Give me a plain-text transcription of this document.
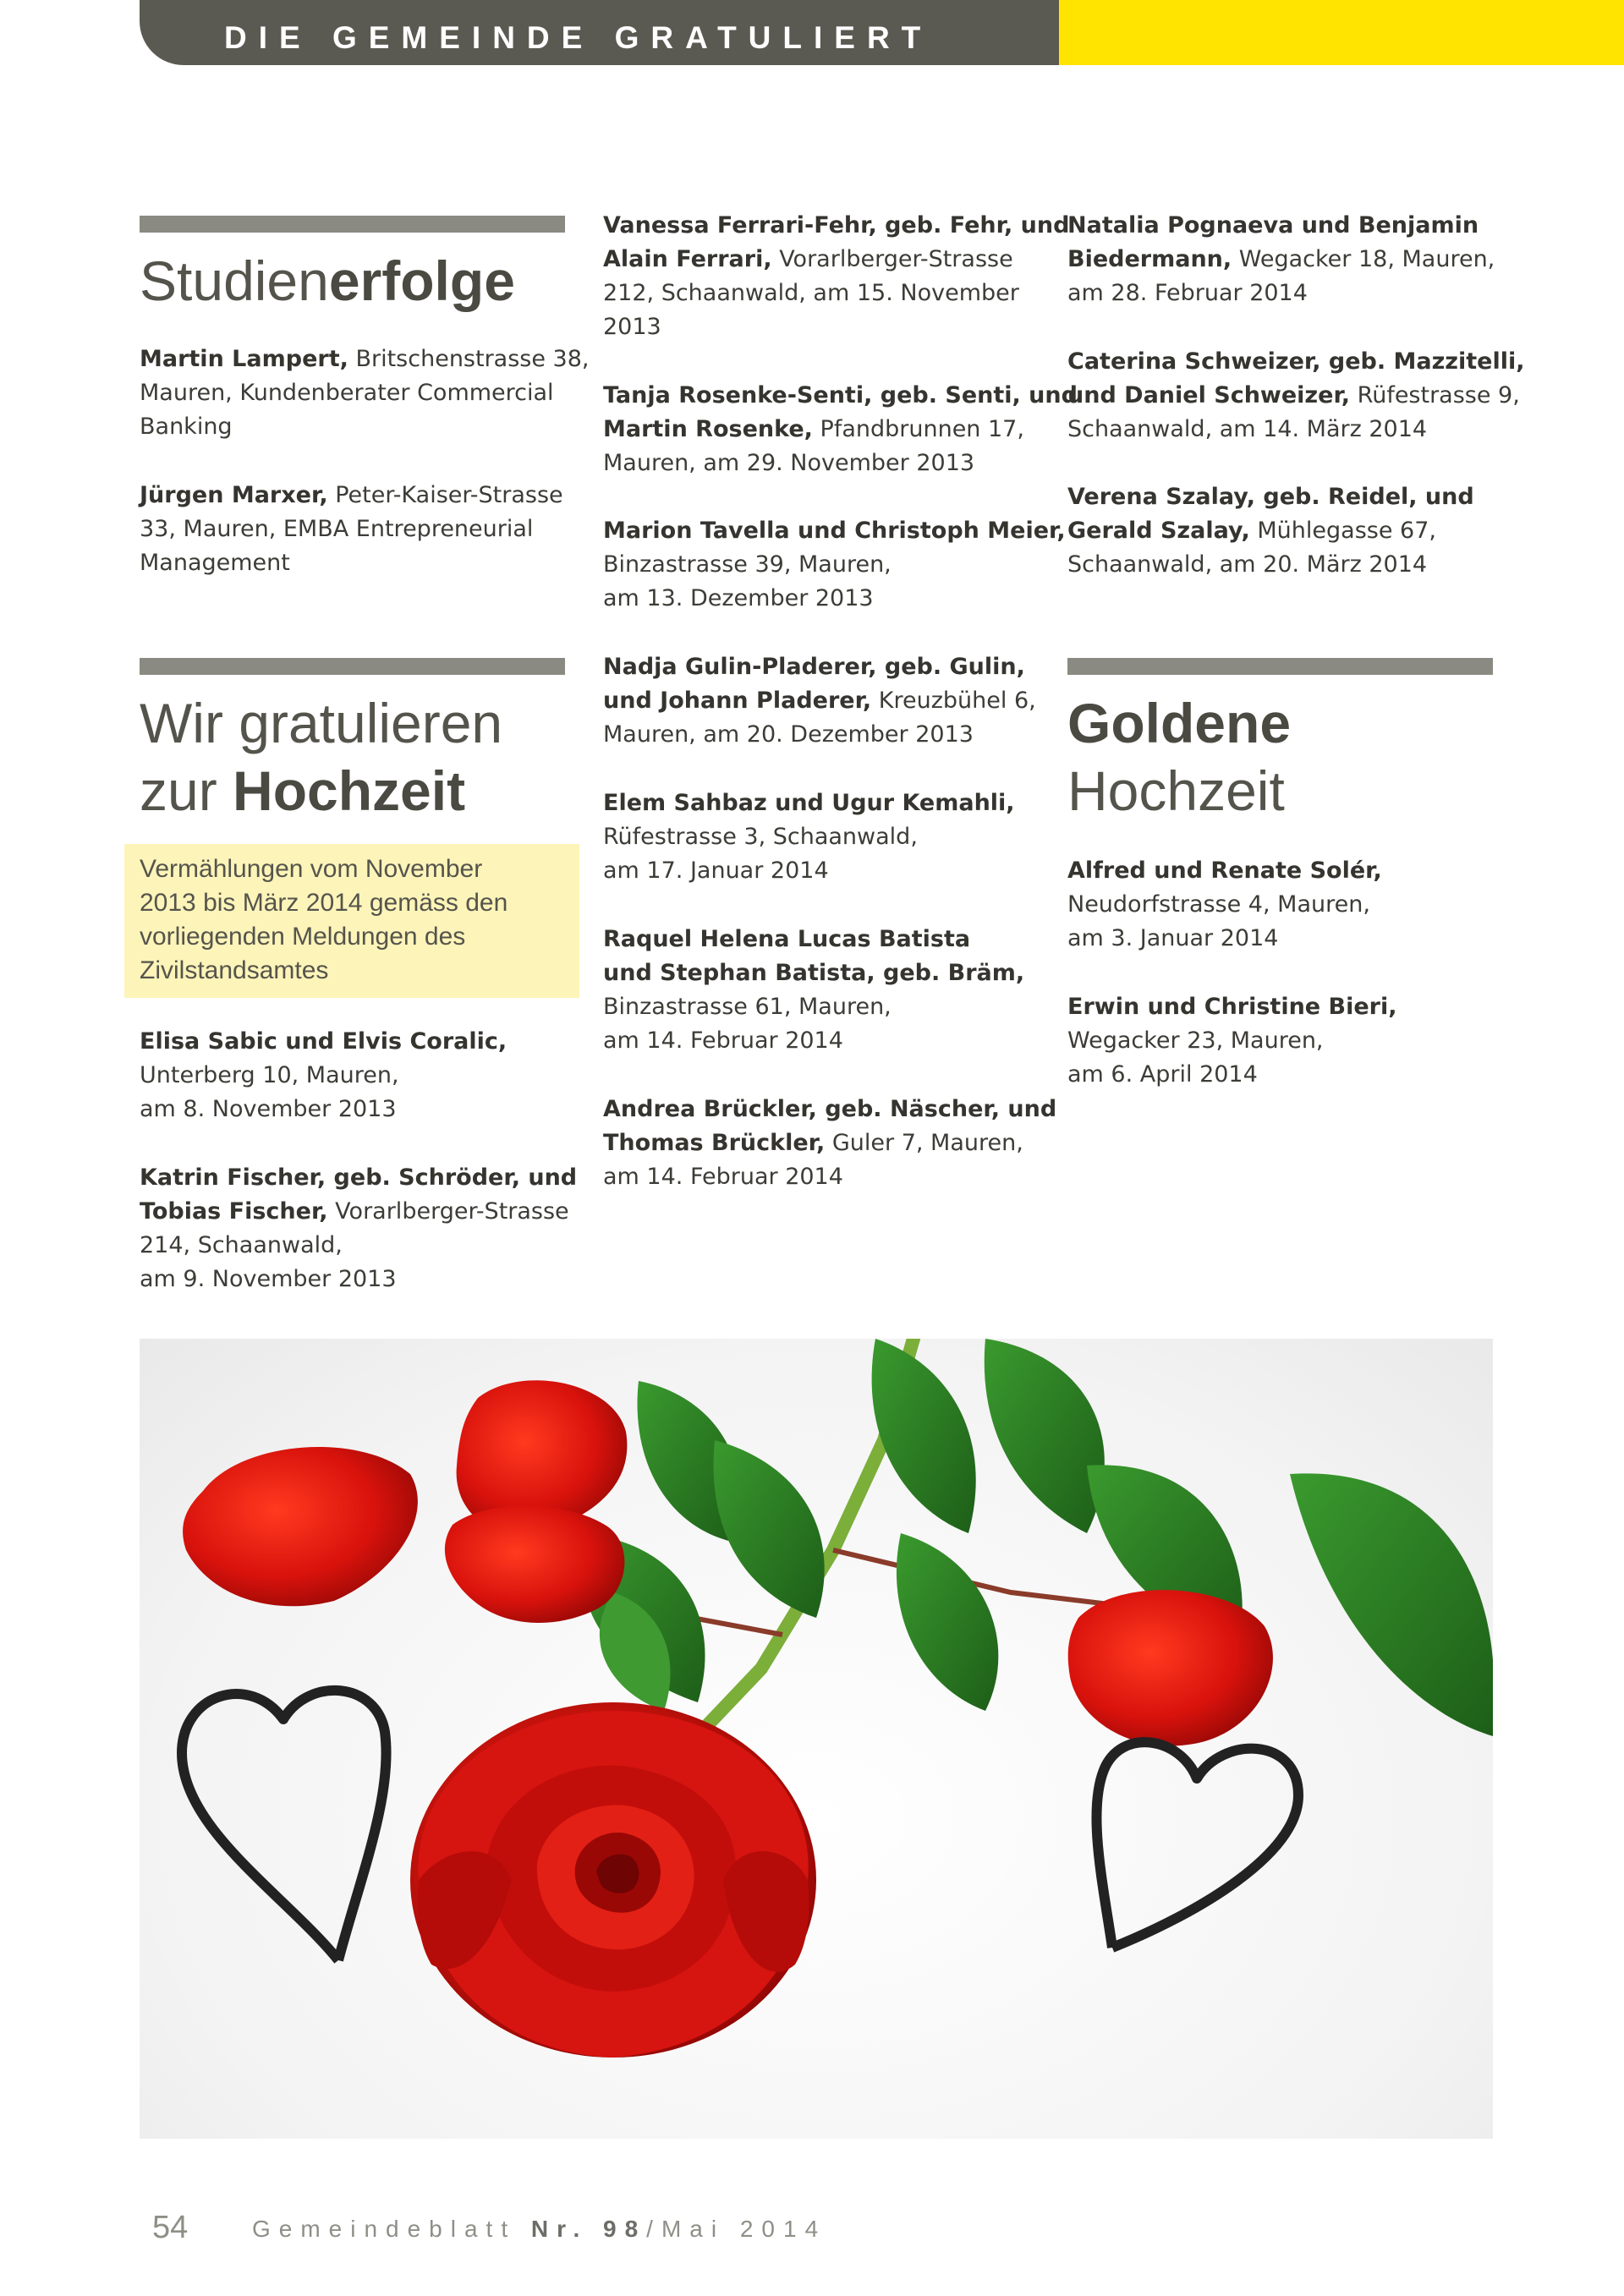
DIE GEMEINDE GRATULIERT
Studienerfolge

Martin Lampert, Britschenstrasse 38,
Mauren, Kundenberater Commercial
Banking

Jürgen Marxer, Peter-Kaiser-Strasse
33, Mauren, EMBA Entrepreneurial
Management

Wir gratulieren
zur Hochzeit

Vermählungen vom November
2013 bis März 2014 gemäss den
vorliegenden Meldungen des
Zivilstandsamtes

Elisa Sabic und Elvis Coralic,
Unterberg 10, Mauren,
am 8. November 2013

Katrin Fischer, geb. Schröder, und
Tobias Fischer, Vorarlberger-Strasse
214, Schaanwald,
am 9. November 2013

Vanessa Ferrari-Fehr, geb. Fehr, und
Alain Ferrari, Vorarlberger-Strasse
212, Schaanwald, am 15. November
2013

Tanja Rosenke-Senti, geb. Senti, und
Martin Rosenke, Pfandbrunnen 17,
Mauren, am 29. November 2013

Marion Tavella und Christoph Meier,
Binzastrasse 39, Mauren,
am 13. Dezember 2013

Nadja Gulin-Pladerer, geb. Gulin,
und Johann Pladerer, Kreuzbühel 6,
Mauren, am 20. Dezember 2013

Elem Sahbaz und Ugur Kemahli,
Rüfestrasse 3, Schaanwald,
am 17. Januar 2014

Raquel Helena Lucas Batista
und Stephan Batista, geb. Bräm,
Binzastrasse 61, Mauren,
am 14. Februar 2014

Andrea Brückler, geb. Näscher, und
Thomas Brückler, Guler 7, Mauren,
am 14. Februar 2014

Natalia Pognaeva und Benjamin
Biedermann, Wegacker 18, Mauren,
am 28. Februar 2014

Caterina Schweizer, geb. Mazzitelli,
und Daniel Schweizer, Rüfestrasse 9,
Schaanwald, am 14. März 2014

Verena Szalay, geb. Reidel, und
Gerald Szalay, Mühlegasse 67,
Schaanwald, am 20. März 2014

Goldene
Hochzeit

Alfred und Renate Solér,
Neudorfstrasse 4, Mauren,
am 3. Januar 2014

Erwin und Christine Bieri,
Wegacker 23, Mauren,
am 6. April 2014

54	Gemeindeblatt Nr. 98/Mai 2014
